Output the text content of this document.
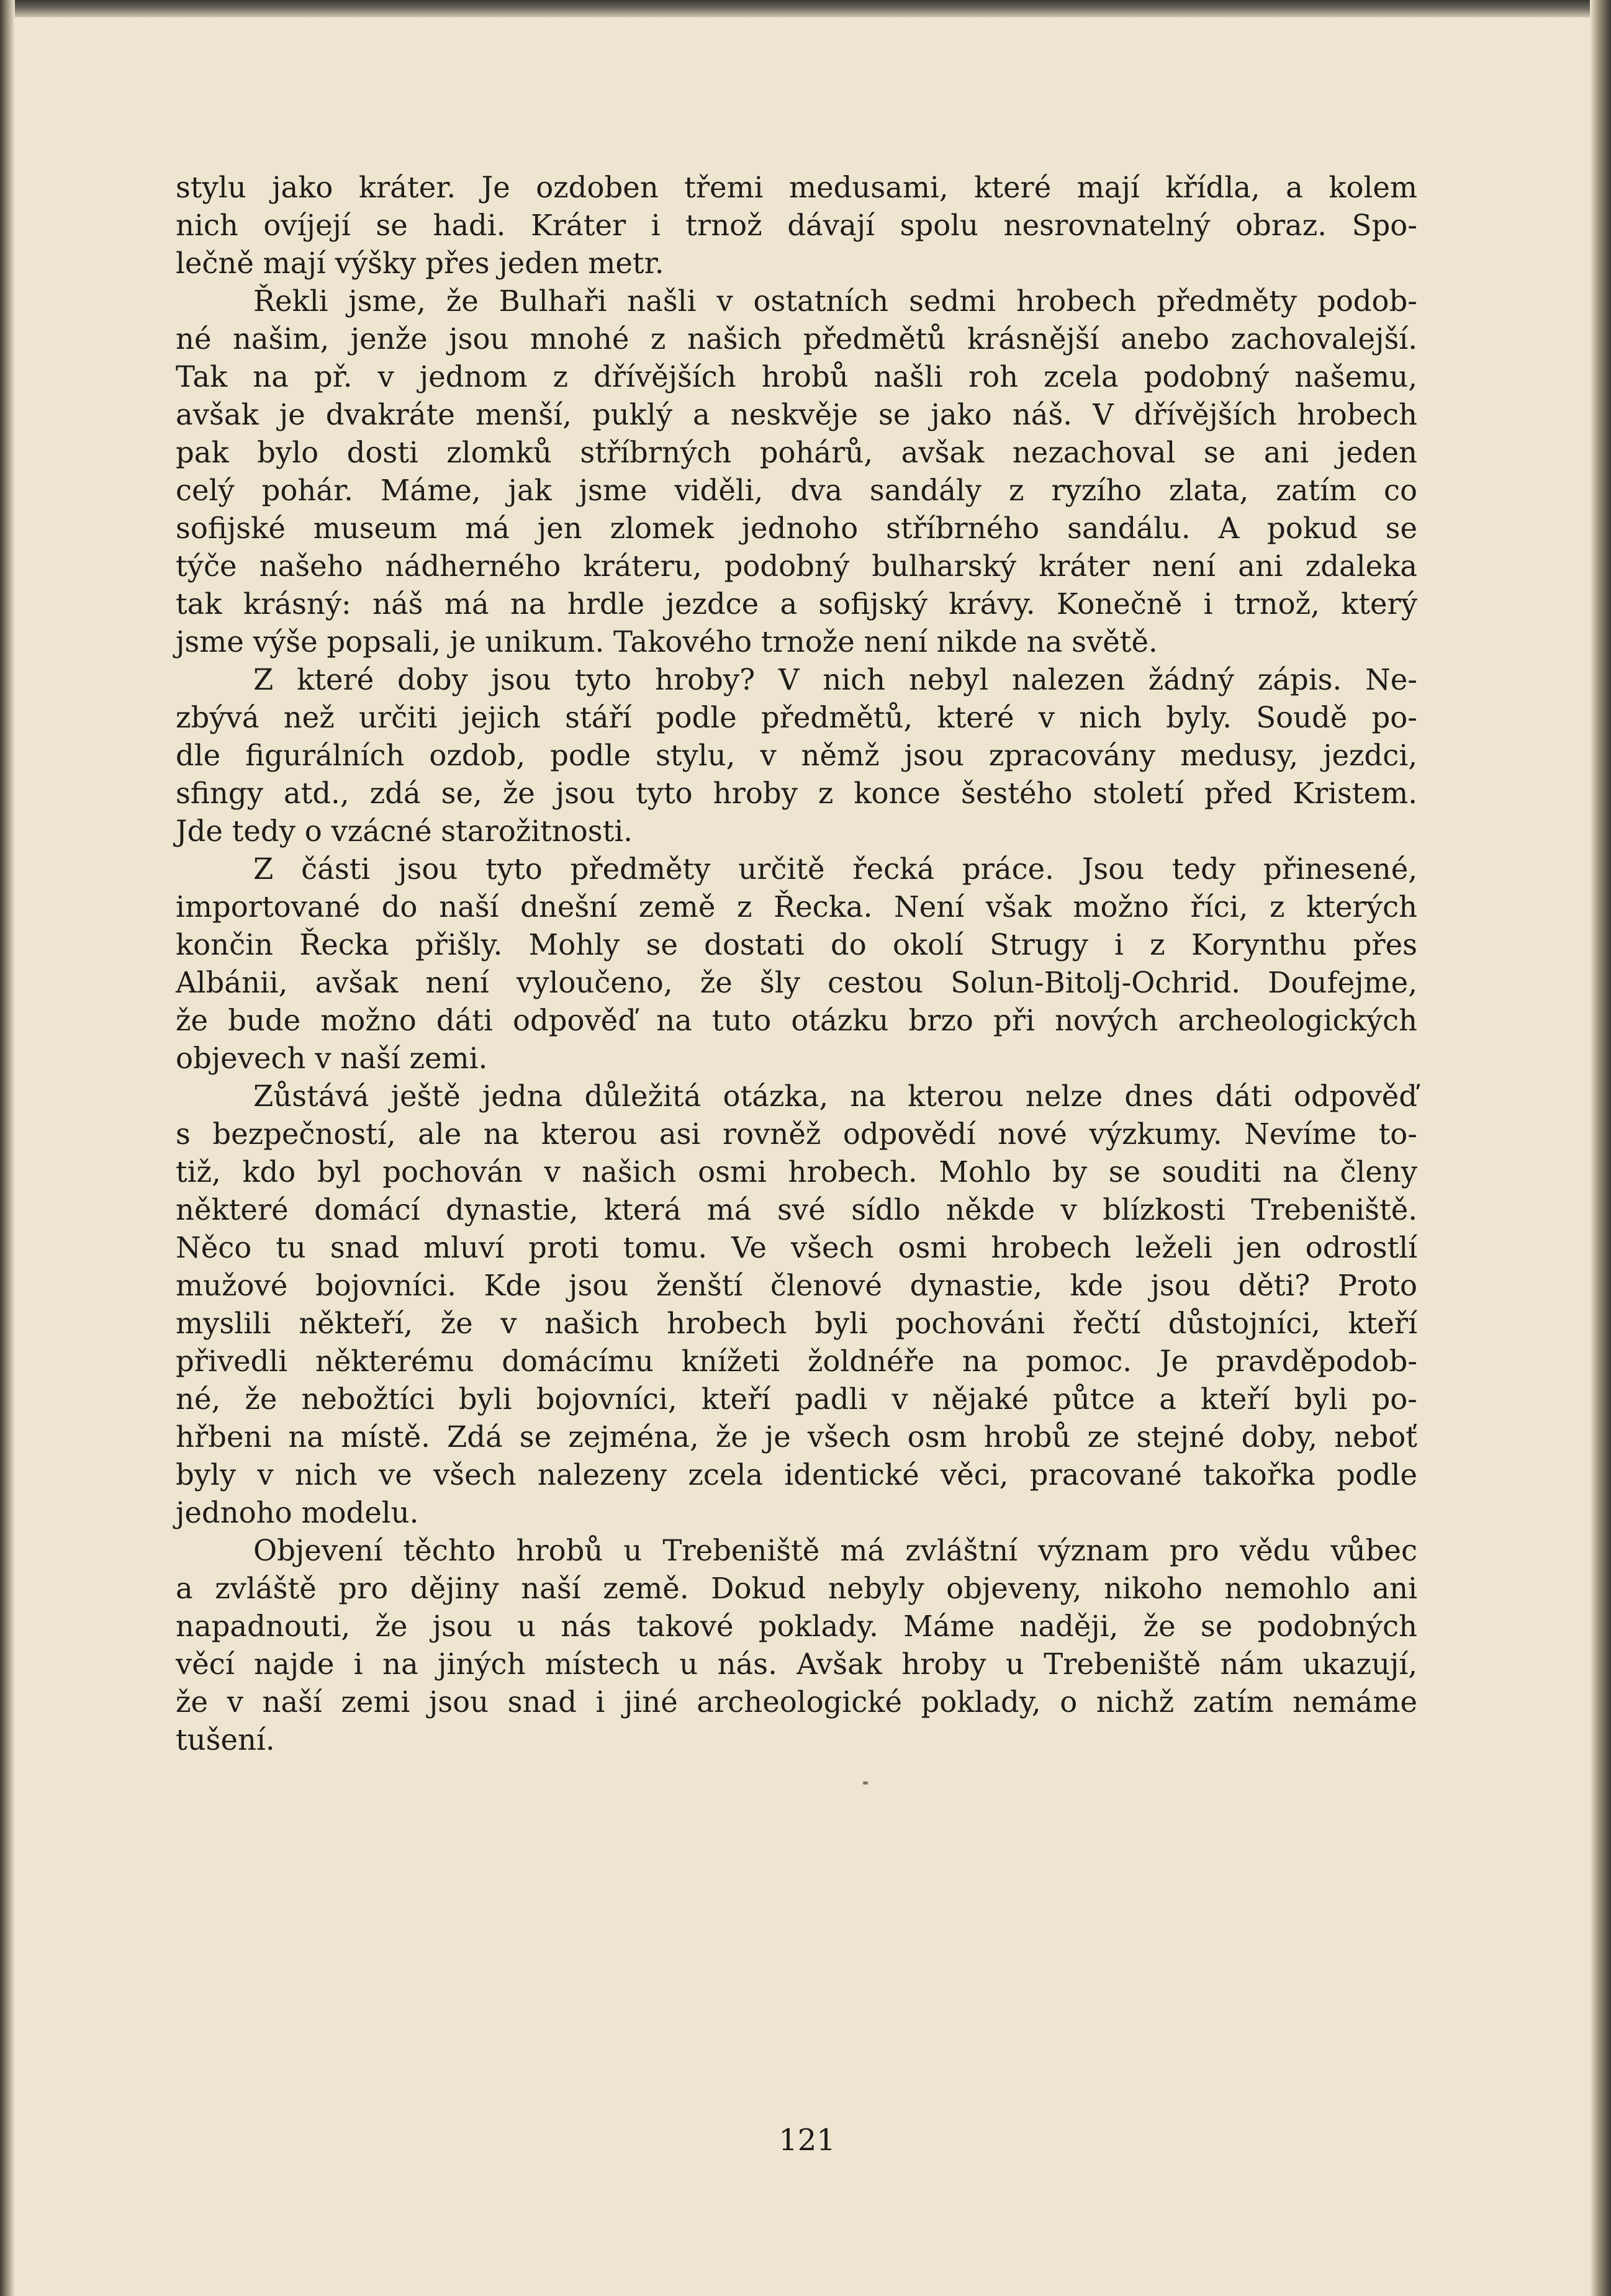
stylu jako kráter. Je ozdoben třemi medusami, které mají křídla, a kolem
nich ovíjejí se hadi. Kráter i trnož dávají spolu nesrovnatelný obraz. Spo-
lečně mají výšky přes jeden metr.
Řekli jsme, že Bulhaři našli v ostatních sedmi hrobech předměty podob-
né našim, jenže jsou mnohé z našich předmětů krásnější anebo zachovalejší.
Tak na př. v jednom z dřívějších hrobů našli roh zcela podobný našemu,
avšak je dvakráte menší, puklý a neskvěje se jako náš. V dřívějších hrobech
pak bylo dosti zlomků stříbrných pohárů, avšak nezachoval se ani jeden
celý pohár. Máme, jak jsme viděli, dva sandály z ryzího zlata, zatím co
sofijské museum má jen zlomek jednoho stříbrného sandálu. A pokud se
týče našeho nádherného kráteru, podobný bulharský kráter není ani zdaleka
tak krásný: náš má na hrdle jezdce a sofijský krávy. Konečně i trnož, který
jsme výše popsali, je unikum. Takového trnože není nikde na světě.
Z které doby jsou tyto hroby? V nich nebyl nalezen žádný zápis. Ne-
zbývá než určiti jejich stáří podle předmětů, které v nich byly. Soudě po-
dle figurálních ozdob, podle stylu, v němž jsou zpracovány medusy, jezdci,
sfingy atd., zdá se, že jsou tyto hroby z konce šestého století před Kristem.
Jde tedy o vzácné starožitnosti.
Z části jsou tyto předměty určitě řecká práce. Jsou tedy přinesené,
importované do naší dnešní země z Řecka. Není však možno říci, z kterých
končin Řecka přišly. Mohly se dostati do okolí Strugy i z Korynthu přes
Albánii, avšak není vyloučeno, že šly cestou Solun-Bitolj-Ochrid. Doufejme,
že bude možno dáti odpověď na tuto otázku brzo při nových archeologických
objevech v naší zemi.
Zůstává ještě jedna důležitá otázka, na kterou nelze dnes dáti odpověď
s bezpečností, ale na kterou asi rovněž odpovědí nové výzkumy. Nevíme to-
tiž, kdo byl pochován v našich osmi hrobech. Mohlo by se souditi na členy
některé domácí dynastie, která má své sídlo někde v blízkosti Trebeniště.
Něco tu snad mluví proti tomu. Ve všech osmi hrobech leželi jen odrostlí
mužové bojovníci. Kde jsou ženští členové dynastie, kde jsou děti? Proto
myslili někteří, že v našich hrobech byli pochováni řečtí důstojníci, kteří
přivedli některému domácímu knížeti žoldnéře na pomoc. Je pravděpodob-
né, že nebožtíci byli bojovníci, kteří padli v nějaké půtce a kteří byli po-
hřbeni na místě. Zdá se zejména, že je všech osm hrobů ze stejné doby, neboť
byly v nich ve všech nalezeny zcela identické věci, pracované takořka podle
jednoho modelu.
Objevení těchto hrobů u Trebeniště má zvláštní význam pro vědu vůbec
a zvláště pro dějiny naší země. Dokud nebyly objeveny, nikoho nemohlo ani
napadnouti, že jsou u nás takové poklady. Máme naději, že se podobných
věcí najde i na jiných místech u nás. Avšak hroby u Trebeniště nám ukazují,
že v naší zemi jsou snad i jiné archeologické poklady, o nichž zatím nemáme
tušení.
121
